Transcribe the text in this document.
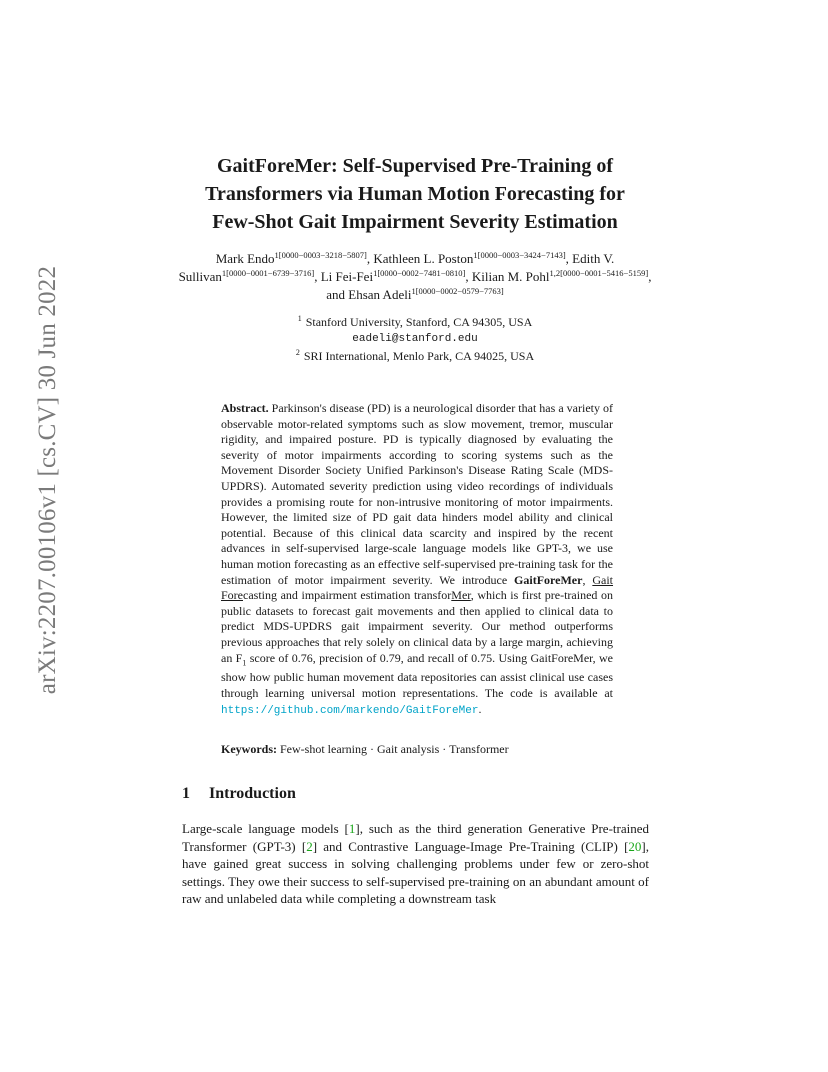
arXiv:2207.00106v1 [cs.CV] 30 Jun 2022
GaitForeMer: Self-Supervised Pre-Training of
Transformers via Human Motion Forecasting for
Few-Shot Gait Impairment Severity Estimation
Mark Endo$^{1[0000-0003-3218-5807]}$, Kathleen L. Poston$^{1[0000-0003-3424-7143]}$, Edith V. Sullivan$^{1[0000-0001-6739-3716]}$, Li Fei-Fei$^{1[0000-0002-7481-0810]}$, Kilian M. Pohl$^{1,2[0000-0001-5416-5159]}$, and Ehsan Adeli$^{1[0000-0002-0579-7763]}$
$^1$ Stanford University, Stanford, CA 94305, USA
eadeli@stanford.edu
$^2$ SRI International, Menlo Park, CA 94025, USA
Abstract. Parkinson's disease (PD) is a neurological disorder that has a variety of observable motor-related symptoms such as slow movement, tremor, muscular rigidity, and impaired posture. PD is typically diagnosed by evaluating the severity of motor impairments according to scoring systems such as the Movement Disorder Society Unified Parkinson's Disease Rating Scale (MDS-UPDRS). Automated severity prediction using video recordings of individuals provides a promising route for non-intrusive monitoring of motor impairments. However, the limited size of PD gait data hinders model ability and clinical potential. Because of this clinical data scarcity and inspired by the recent advances in self-supervised large-scale language models like GPT-3, we use human motion forecasting as an effective self-supervised pre-training task for the estimation of motor impairment severity. We introduce GaitForeMer, Gait Forecasting and impairment estimation transforMer, which is first pre-trained on public datasets to forecast gait movements and then applied to clinical data to predict MDS-UPDRS gait impairment severity. Our method outperforms previous approaches that rely solely on clinical data by a large margin, achieving an $F_1$ score of 0.76, precision of 0.79, and recall of 0.75. Using GaitForeMer, we show how public human movement data repositories can assist clinical use cases through learning universal motion representations. The code is available at https://github.com/markendo/GaitForeMer.
Keywords: Few-shot learning · Gait analysis · Transformer
1 Introduction
Large-scale language models [1], such as the third generation Generative Pre-trained Transformer (GPT-3) [2] and Contrastive Language-Image Pre-Training (CLIP) [20], have gained great success in solving challenging problems under few or zero-shot settings. They owe their success to self-supervised pre-training on an abundant amount of raw and unlabeled data while completing a downstream task
